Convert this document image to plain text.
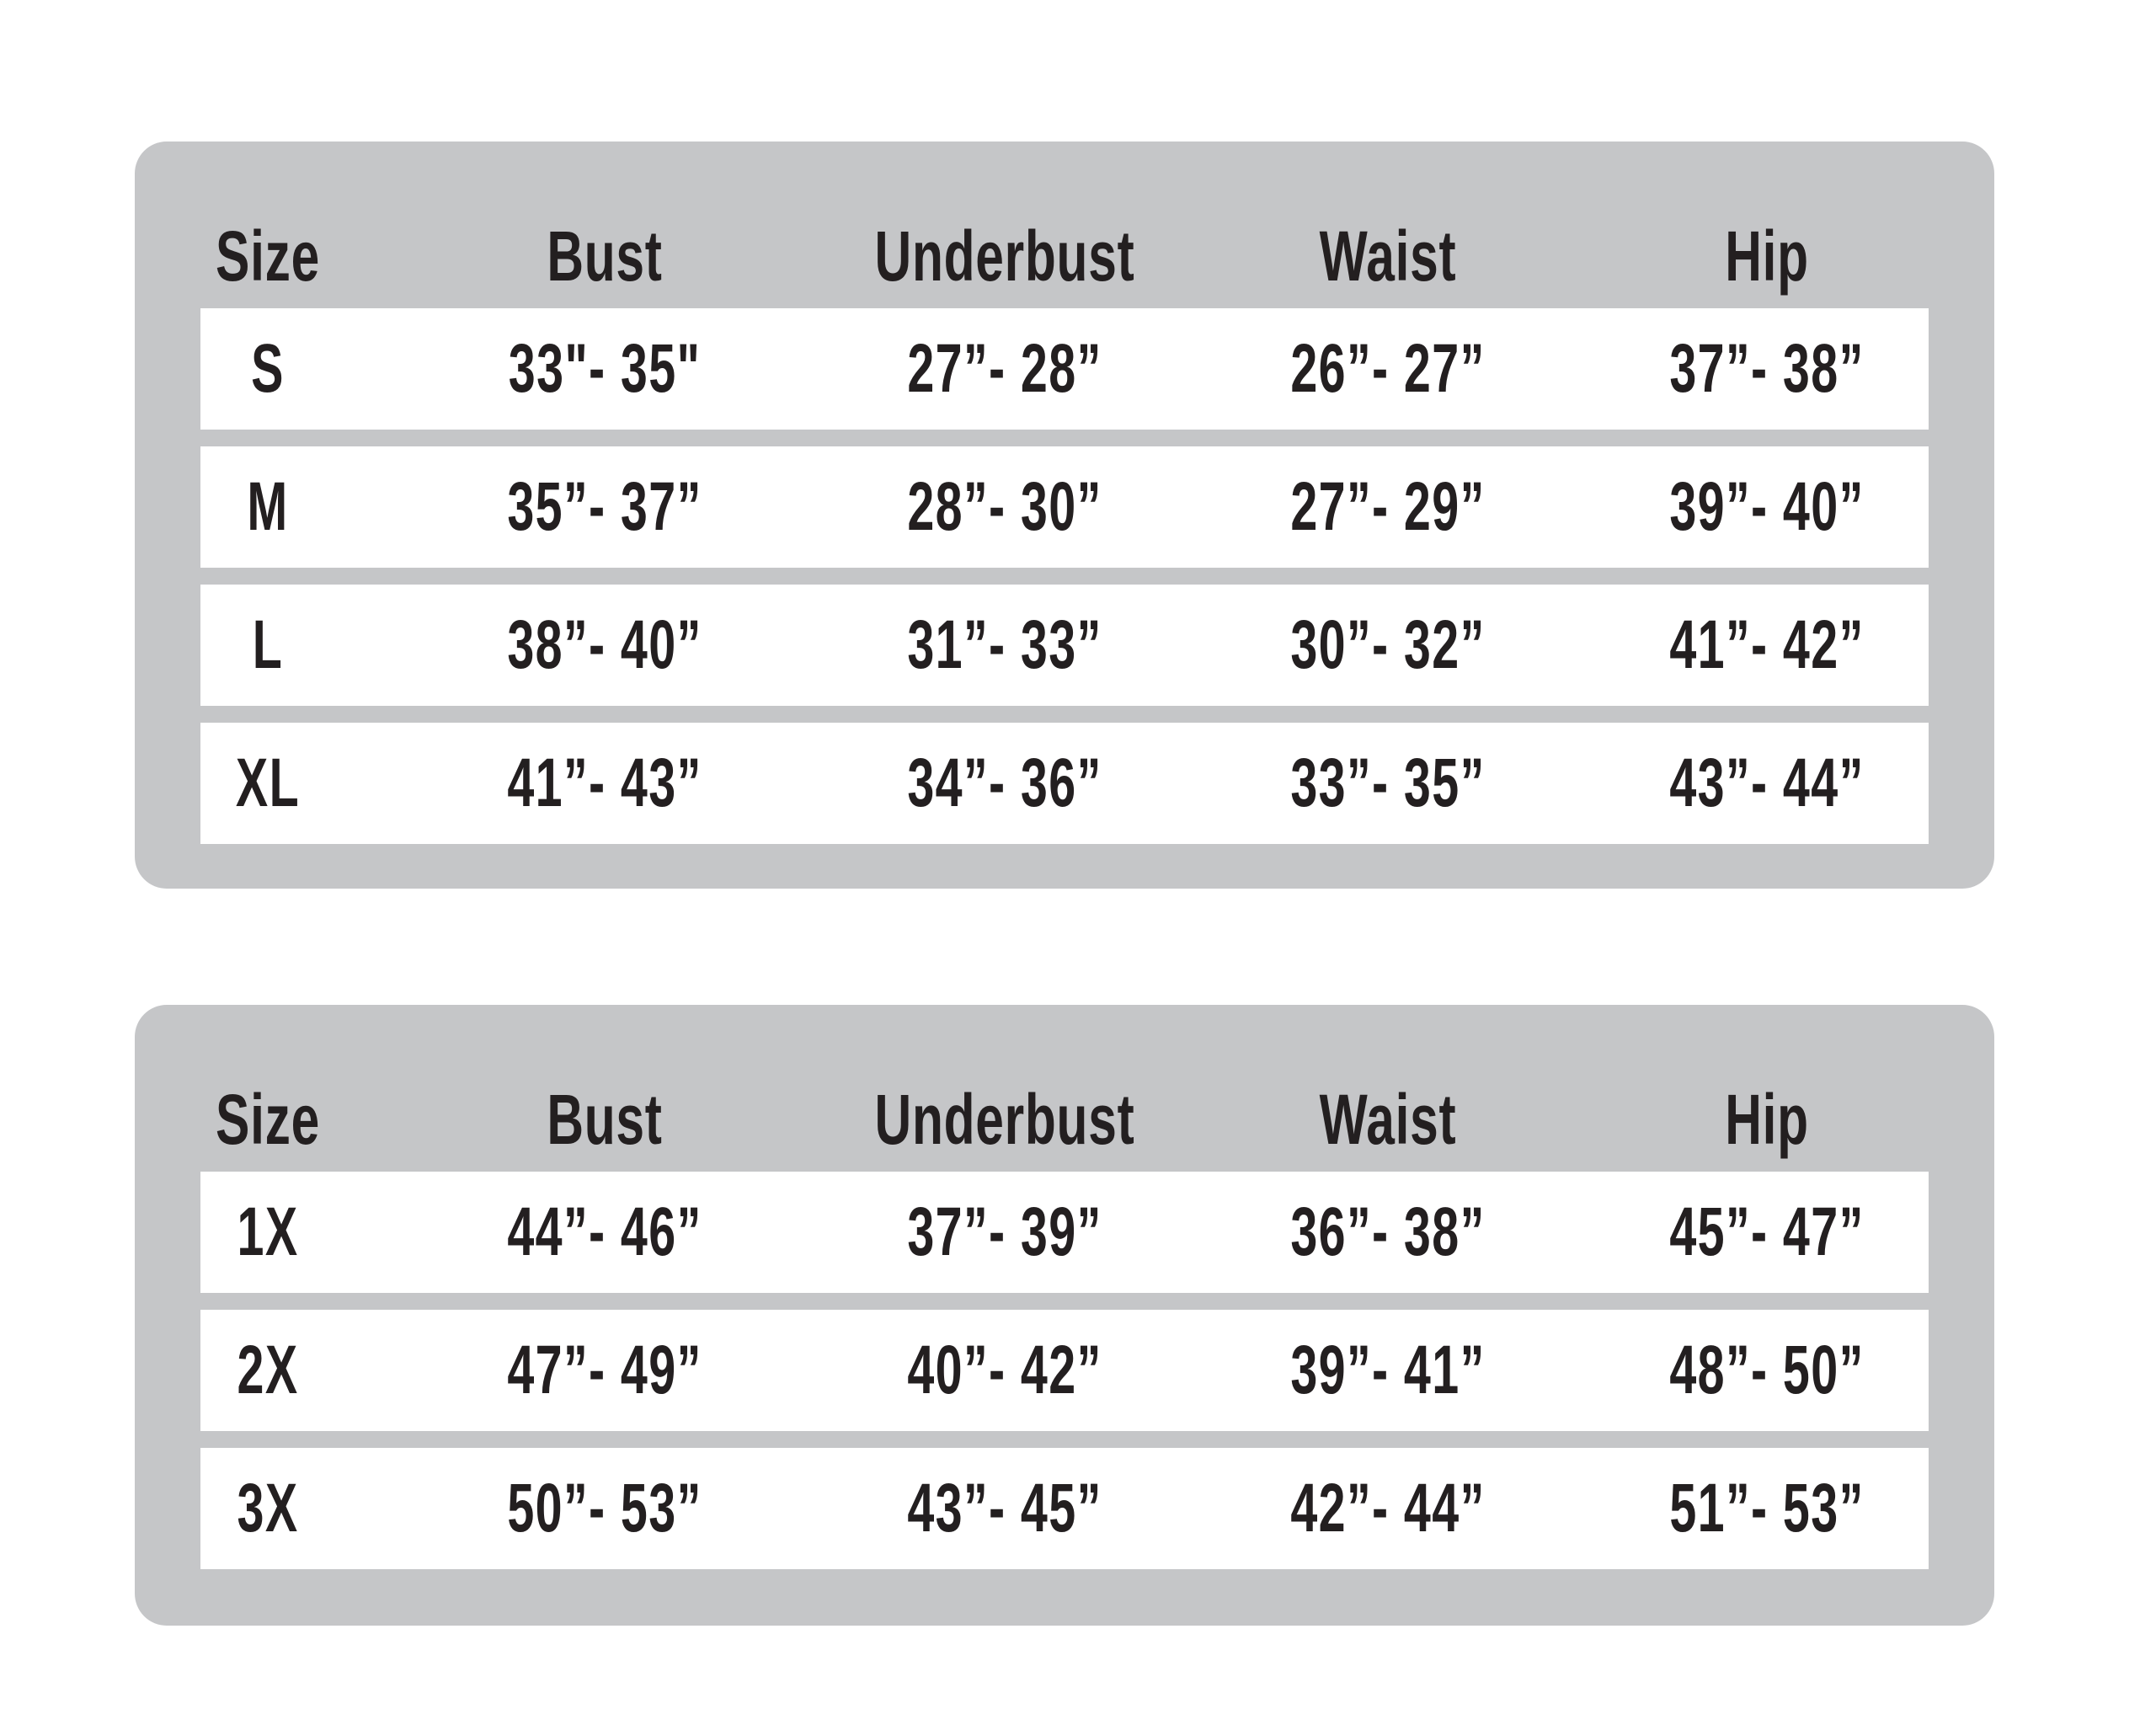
Size	Bust	Underbust	Waist	Hip
S	33"- 35"	27”- 28”	26”- 27”	37”- 38”
M	35”- 37”	28”- 30”	27”- 29”	39”- 40”
L	38”- 40”	31”- 33”	30”- 32”	41”- 42”
XL	41”- 43”	34”- 36”	33”- 35”	43”- 44”
Size	Bust	Underbust	Waist	Hip
1X	44”- 46”	37”- 39”	36”- 38”	45”- 47”
2X	47”- 49”	40”- 42”	39”- 41”	48”- 50”
3X	50”- 53”	43”- 45”	42”- 44”	51”- 53”
